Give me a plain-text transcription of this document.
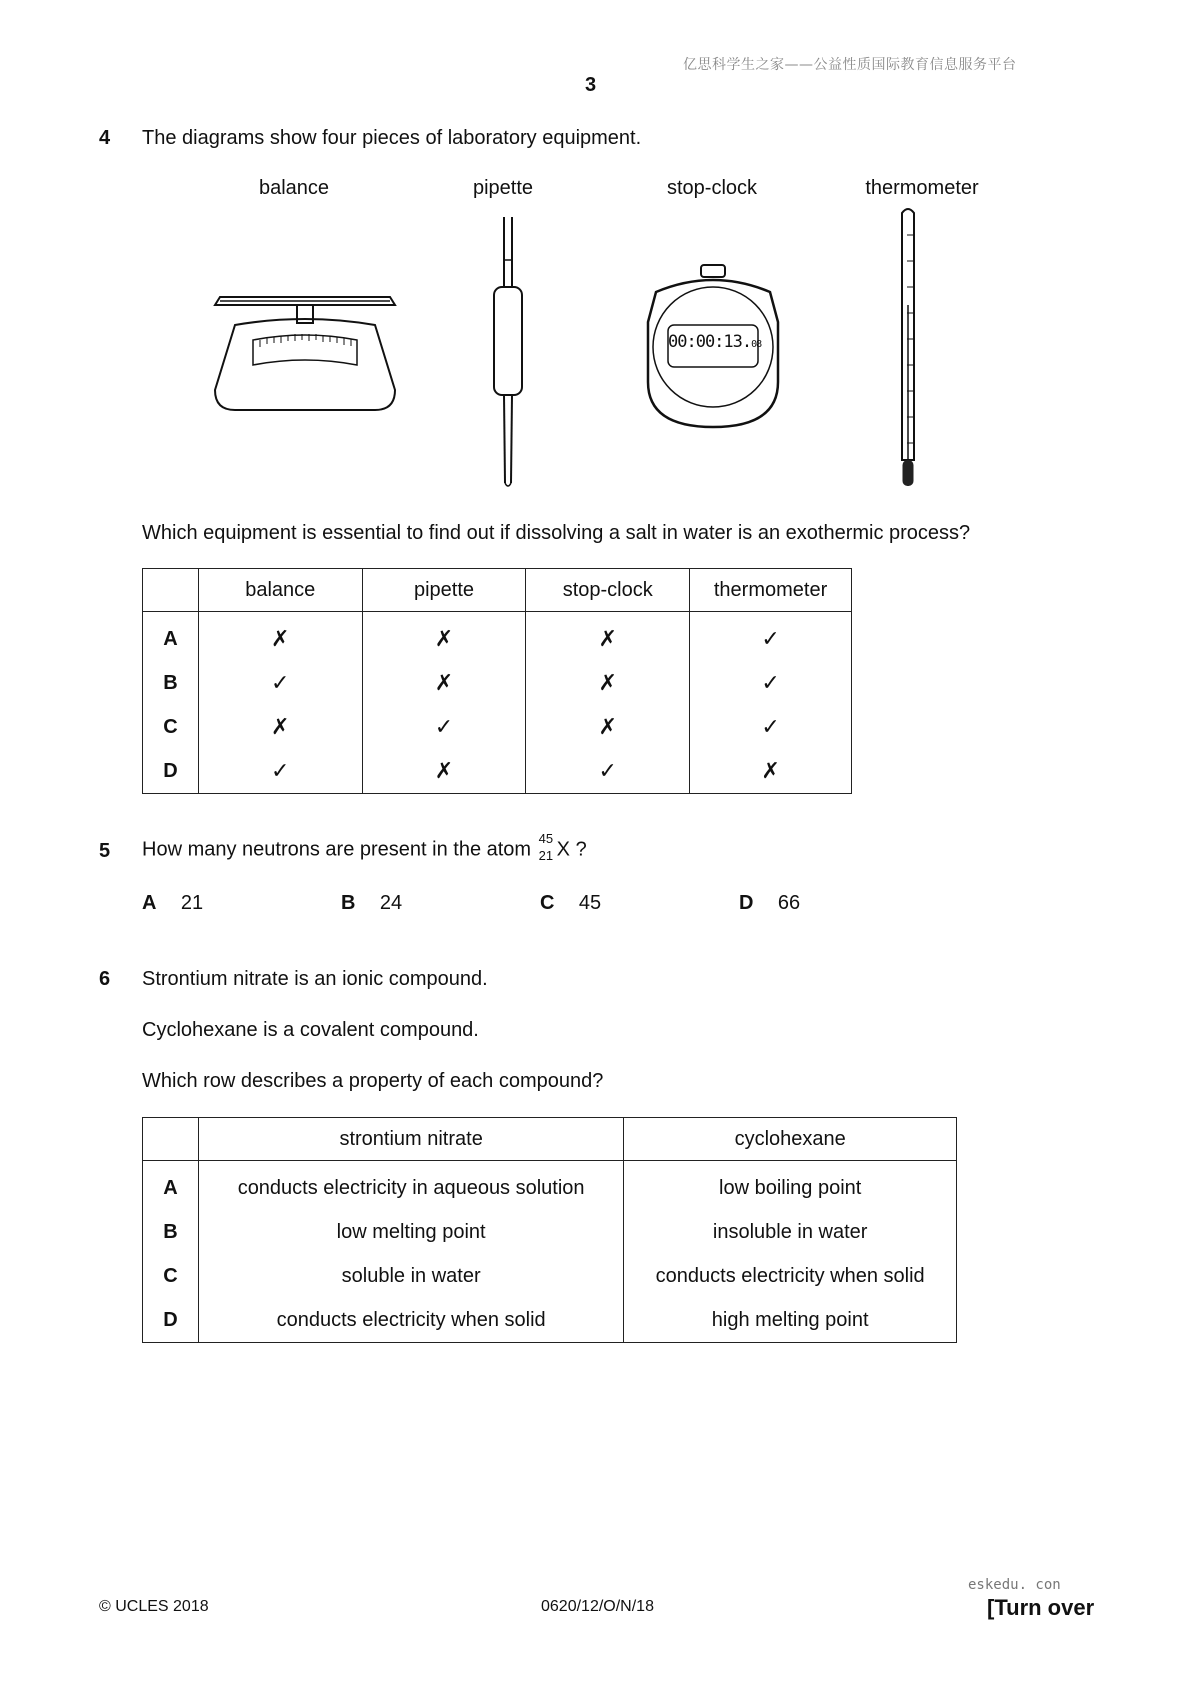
亿思科学生之家——公益性质国际教育信息服务平台
3
4 The diagrams show four pieces of laboratory equipment.
balance	pipette	stop-clock	thermometer
00:00:13.08
Which equipment is essential to find out if dissolving a salt in water is an exothermic process?
	balance	pipette	stop-clock	thermometer
A	✗	✗	✗	✓
B	✓	✗	✗	✓
C	✗	✓	✗	✓
D	✓	✗	✓	✗
5 How many neutrons are present in the atom 45
21 X ?
A 21	B 24	C 45	D 66
6 Strontium nitrate is an ionic compound.
Cyclohexane is a covalent compound.
Which row describes a property of each compound?
	strontium nitrate	cyclohexane
A	conducts electricity in aqueous solution	low boiling point
B	low melting point	insoluble in water
C	soluble in water	conducts electricity when solid
D	conducts electricity when solid	high melting point
© UCLES 2018	0620/12/O/N/18
eskedu. con
[Turn over
